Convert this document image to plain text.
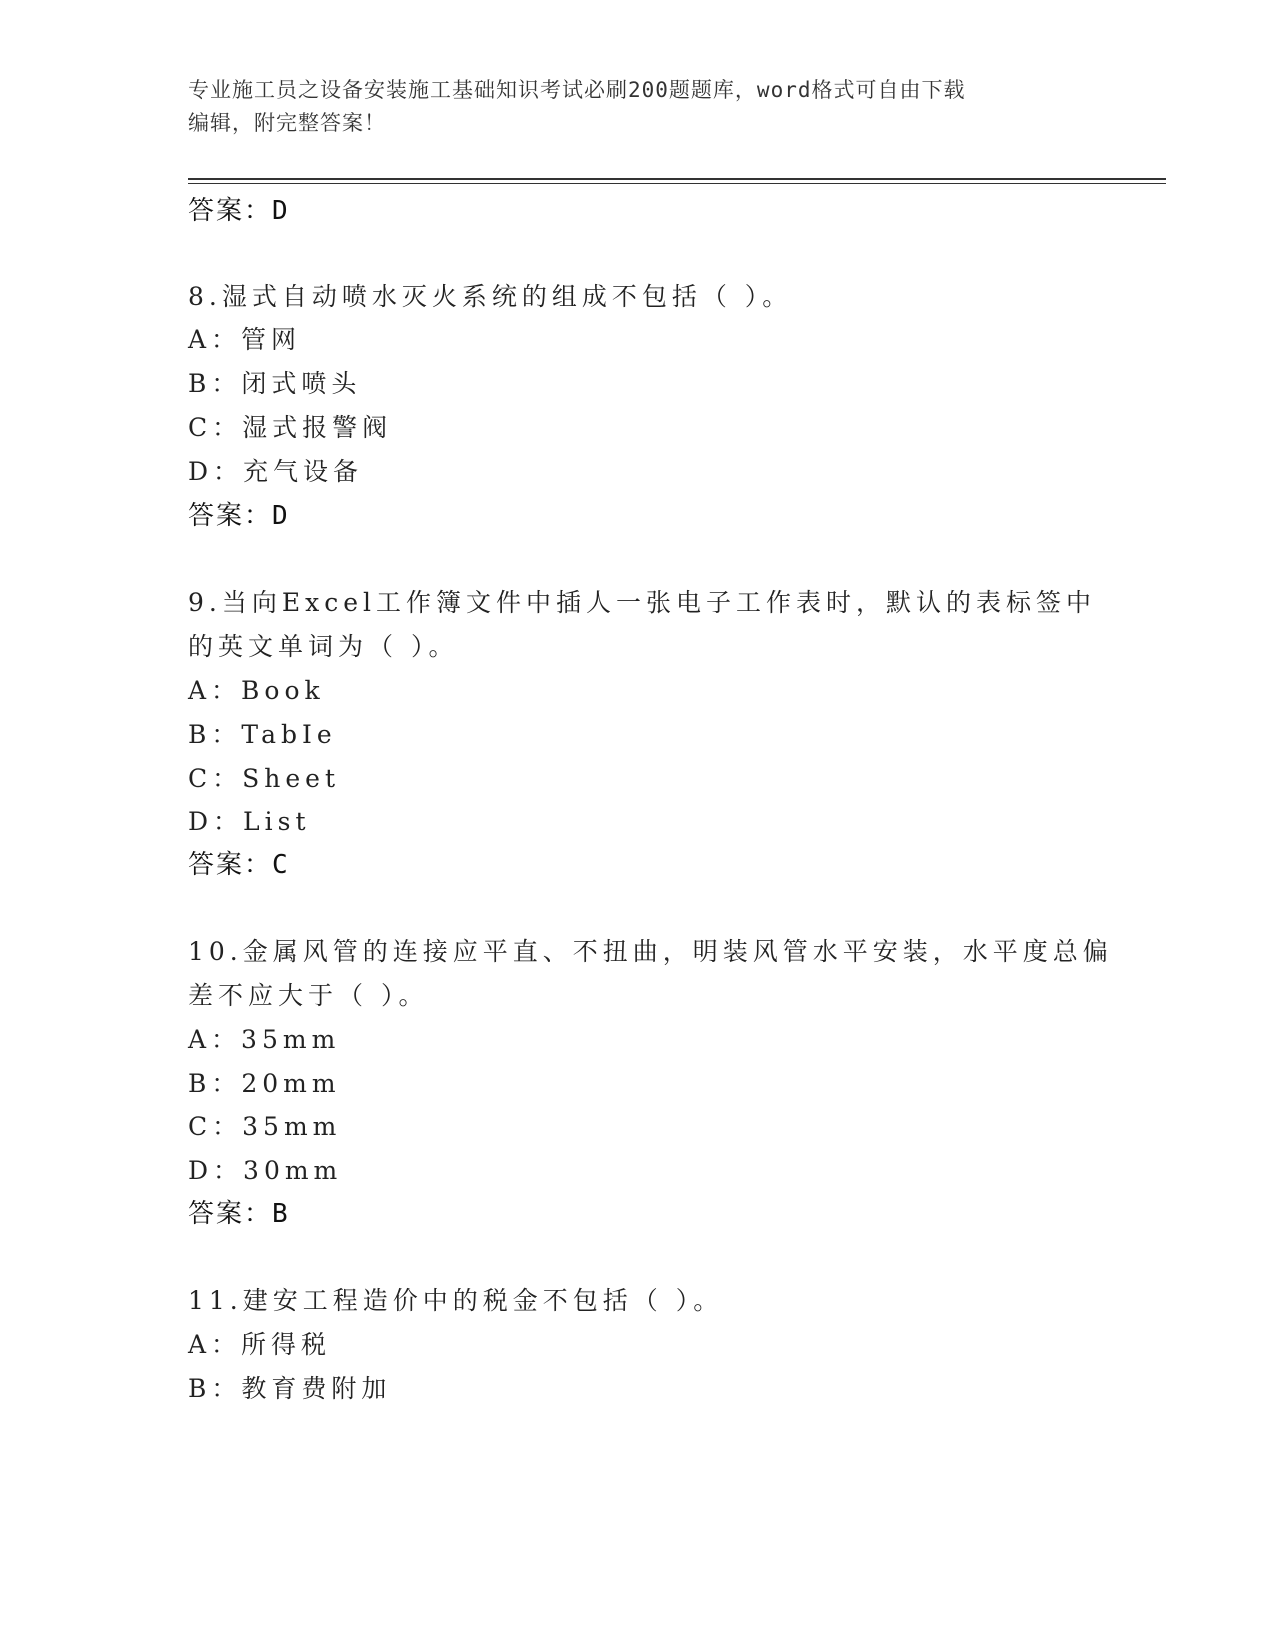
专业施工员之设备安装施工基础知识考试必刷200题题库，word格式可自由下载
编辑，附完整答案！
答案：D
8.湿式自动喷水灭火系统的组成不包括（ ）。
A：管网
B：闭式喷头
C：湿式报警阀
D：充气设备
答案：D
9.当向Excel工作簿文件中插人一张电子工作表时，默认的表标签中
的英文单词为（ ）。
A：Book
B：TabIe
C：Sheet
D：List
答案：C
10.金属风管的连接应平直、不扭曲，明装风管水平安装，水平度总偏
差不应大于（ ）。
A：35mm
B：20mm
C：35mm
D：30mm
答案：B
11.建安工程造价中的税金不包括（ ）。
A：所得税
B：教育费附加
